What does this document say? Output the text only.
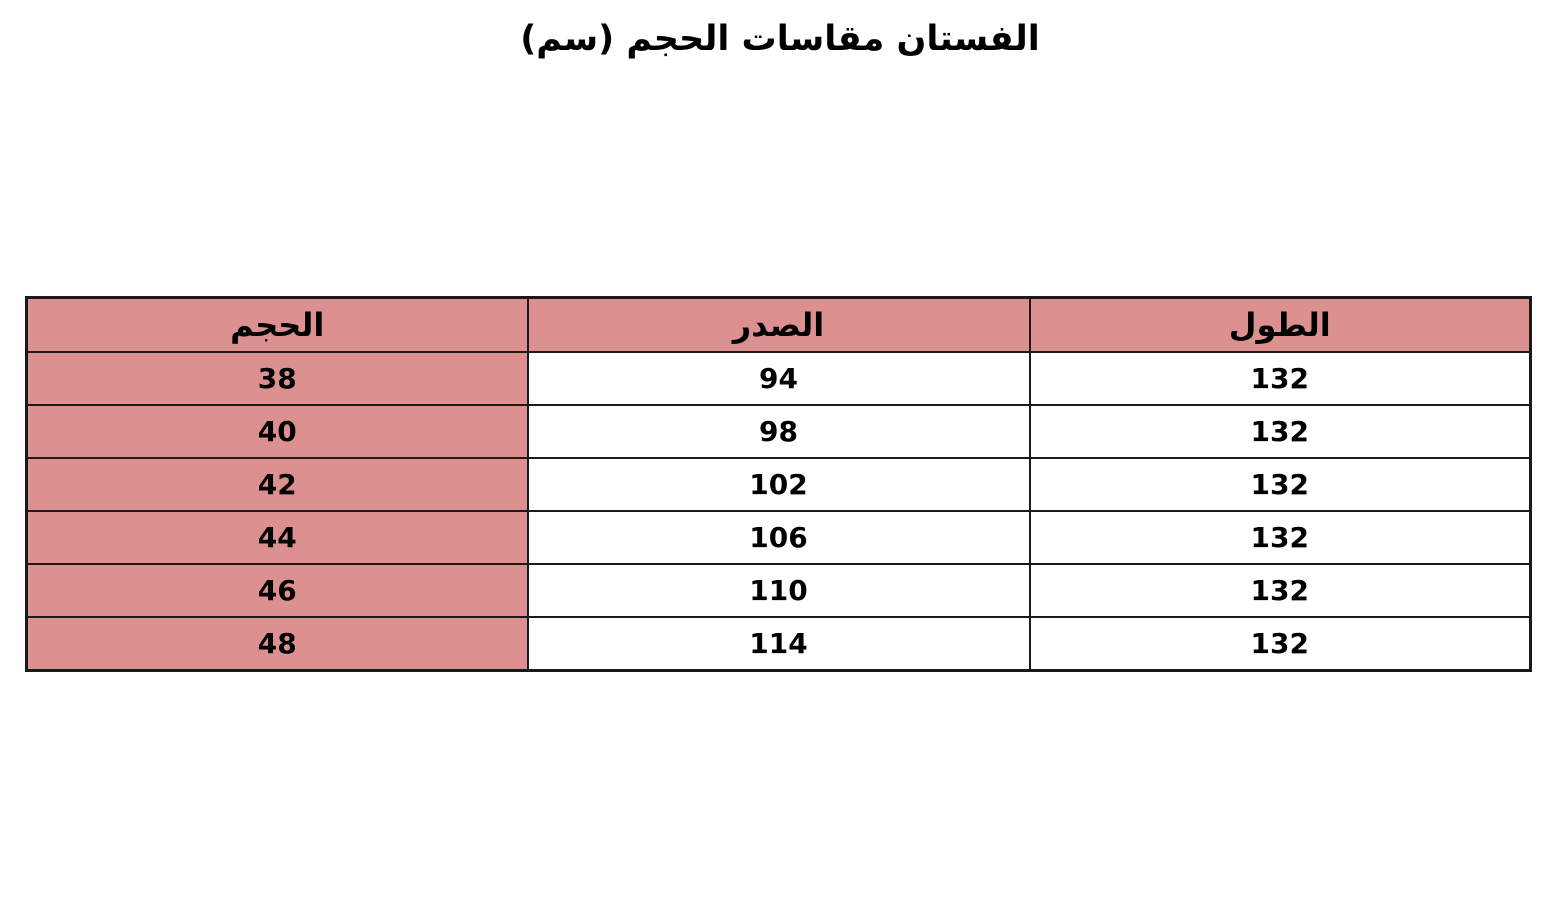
الفستان مقاسات الحجم (سم)
الطول	الصدر	الحجم
132	94	38
132	98	40
132	102	42
132	106	44
132	110	46
132	114	48
